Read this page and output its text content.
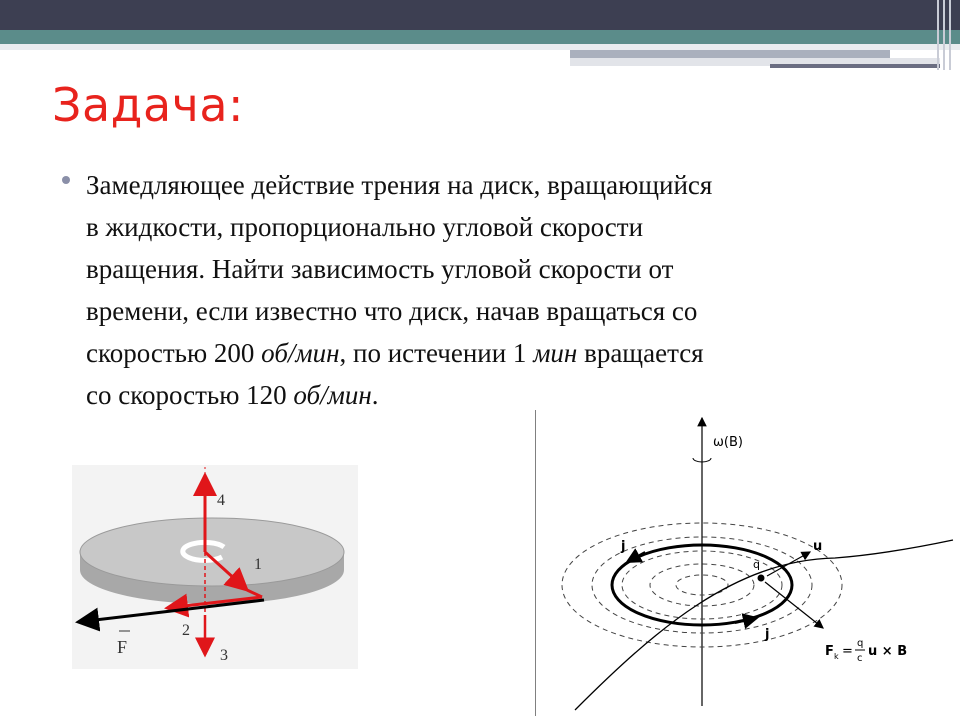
Задача:
Замедляющее действие трения на диск, вращающийся
в жидкости, пропорционально угловой скорости
вращения. Найти зависимость угловой скорости от
времени, если известно что диск, начав вращаться со
скоростью 200 об/мин, по истечении 1 мин вращается
со скоростью 120 об/мин.
4
1
2
3
F
ω(B)
j
j
q
u
F k =
q
c u × B
